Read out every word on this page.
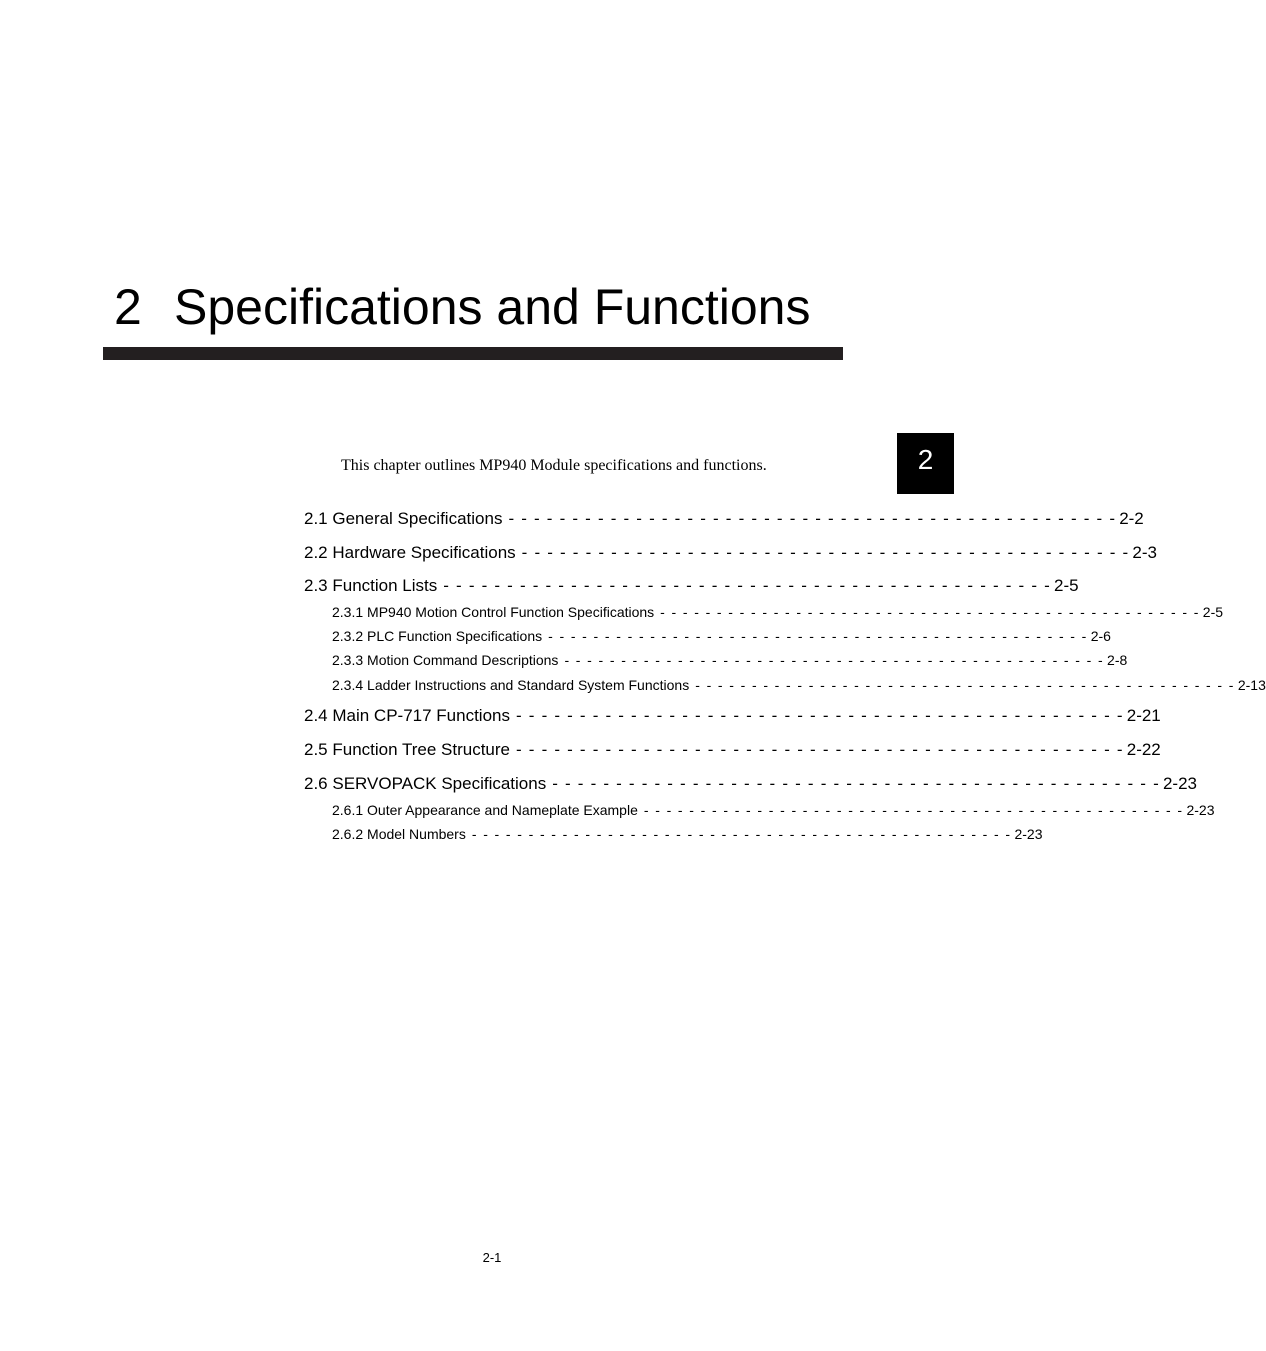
2 Specifications and Functions
2
This chapter outlines MP940 Module specifications and functions.
2.1 General Specifications - - - - - - - - - - - - - - - - - - - - - - - - - - - - - - - - - - - - - - - - - - - - - - - - 2-2
2.2 Hardware Specifications - - - - - - - - - - - - - - - - - - - - - - - - - - - - - - - - - - - - - - - - - - - - - - - - 2-3
2.3 Function Lists - - - - - - - - - - - - - - - - - - - - - - - - - - - - - - - - - - - - - - - - - - - - - - - - 2-5
2.3.1 MP940 Motion Control Function Specifications - - - - - - - - - - - - - - - - - - - - - - - - - - - - - - - - - - - - - - - - - - - - - - - - 2-5
2.3.2 PLC Function Specifications - - - - - - - - - - - - - - - - - - - - - - - - - - - - - - - - - - - - - - - - - - - - - - - - 2-6
2.3.3 Motion Command Descriptions - - - - - - - - - - - - - - - - - - - - - - - - - - - - - - - - - - - - - - - - - - - - - - - - 2-8
2.3.4 Ladder Instructions and Standard System Functions - - - - - - - - - - - - - - - - - - - - - - - - - - - - - - - - - - - - - - - - - - - - - - - - 2-13
2.4 Main CP-717 Functions - - - - - - - - - - - - - - - - - - - - - - - - - - - - - - - - - - - - - - - - - - - - - - - - 2-21
2.5 Function Tree Structure - - - - - - - - - - - - - - - - - - - - - - - - - - - - - - - - - - - - - - - - - - - - - - - - 2-22
2.6 SERVOPACK Specifications - - - - - - - - - - - - - - - - - - - - - - - - - - - - - - - - - - - - - - - - - - - - - - - - 2-23
2.6.1 Outer Appearance and Nameplate Example - - - - - - - - - - - - - - - - - - - - - - - - - - - - - - - - - - - - - - - - - - - - - - - - 2-23
2.6.2 Model Numbers - - - - - - - - - - - - - - - - - - - - - - - - - - - - - - - - - - - - - - - - - - - - - - - - 2-23
2-1
